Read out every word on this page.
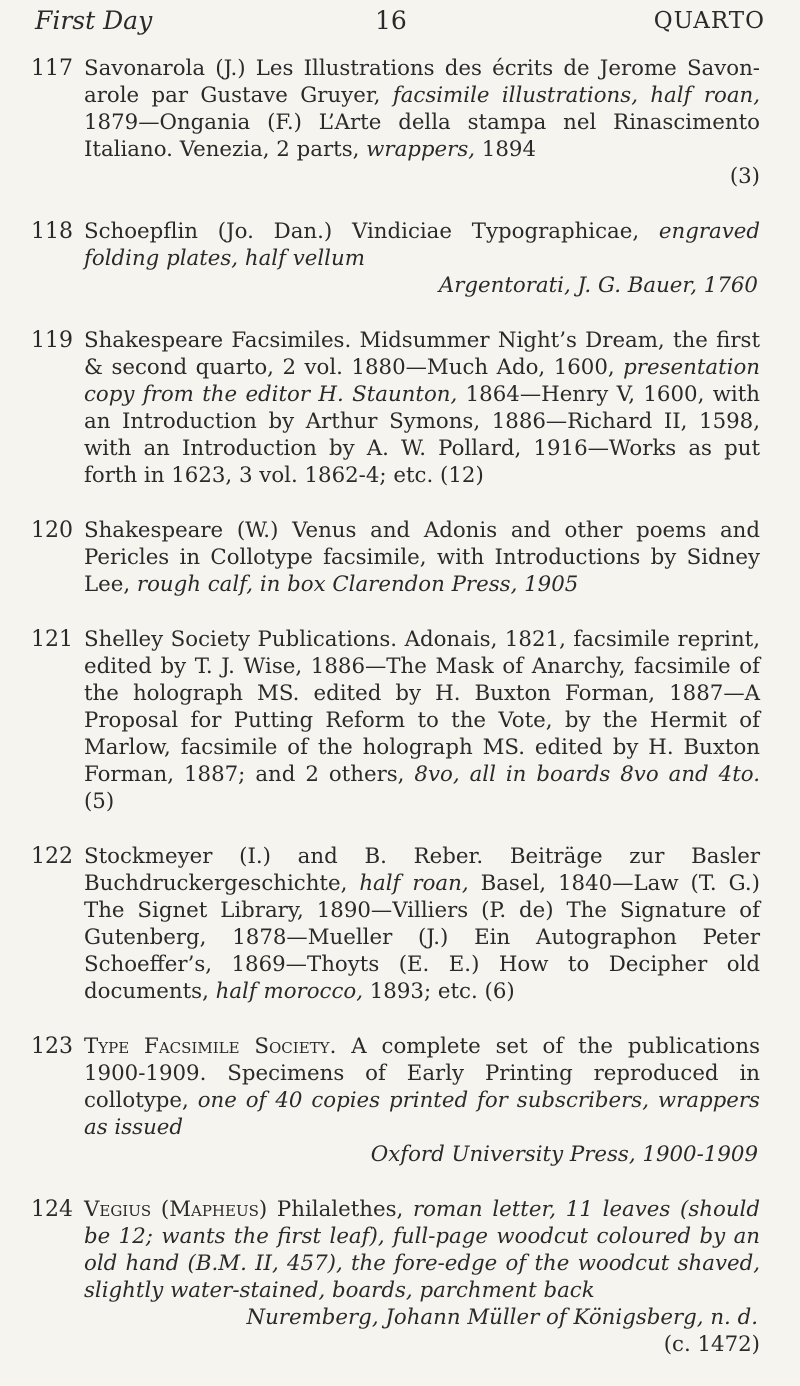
First Day	16	QUARTO
117 Savonarola (J.) Les Illustrations des écrits de Jerome Savon- arole par Gustave Gruyer, facsimile illustrations, half roan, 1879—Ongania (F.) L’Arte della stampa nel Rinascimento Italiano. Venezia, 2 parts, wrappers, 1894
(3)
118 Schoepflin (Jo. Dan.) Vindiciae Typographicae, engraved folding plates, half vellum
Argentorati, J. G. Bauer, 1760
119 Shakespeare Facsimiles. Midsummer Night’s Dream, the first & second quarto, 2 vol. 1880—Much Ado, 1600, presentation copy from the editor H. Staunton, 1864—Henry V, 1600, with an Introduction by Arthur Symons, 1886—Richard II, 1598, with an Introduction by A. W. Pollard, 1916—Works as put forth in 1623, 3 vol. 1862-4; etc. (12)
120 Shakespeare (W.) Venus and Adonis and other poems and Pericles in Collotype facsimile, with Introductions by Sidney Lee, rough calf, in box Clarendon Press, 1905
121 Shelley Society Publications. Adonais, 1821, facsimile reprint, edited by T. J. Wise, 1886—The Mask of Anarchy, facsimile of the holograph MS. edited by H. Buxton Forman, 1887—A Proposal for Putting Reform to the Vote, by the Hermit of Marlow, facsimile of the holograph MS. edited by H. Buxton Forman, 1887; and 2 others, 8vo, all in boards 8vo and 4to. (5)
122 Stockmeyer (I.) and B. Reber. Beiträge zur Basler Buchdruckergeschichte, half roan, Basel, 1840—Law (T. G.) The Signet Library, 1890—Villiers (P. de) The Signature of Gutenberg, 1878—Mueller (J.) Ein Autographon Peter Schoeffer’s, 1869—Thoyts (E. E.) How to Decipher old documents, half morocco, 1893; etc. (6)
123 Type Facsimile Society. A complete set of the publications 1900-1909. Specimens of Early Printing reproduced in collotype, one of 40 copies printed for subscribers, wrappers as issued
Oxford University Press, 1900-1909
124 Vegius (Mapheus) Philalethes, roman letter, 11 leaves (should be 12; wants the first leaf), full-page woodcut coloured by an old hand (B.M. II, 457), the fore-edge of the woodcut shaved, slightly water-stained, boards, parchment back
Nuremberg, Johann Müller of Königsberg, n. d.
(c. 1472)
